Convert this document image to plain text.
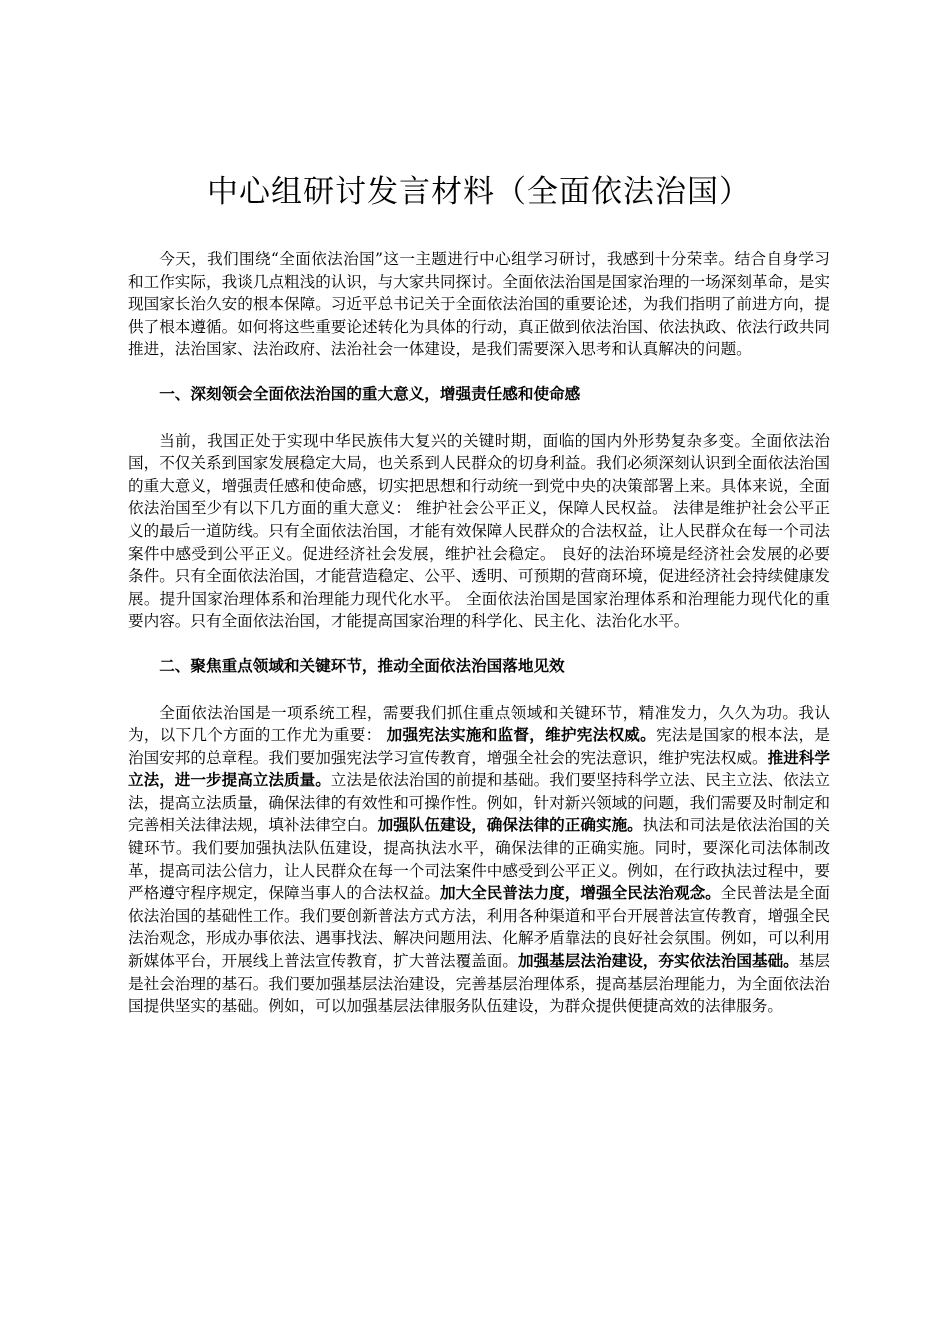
中心组研讨发言材料（全面依法治国）

今天，我们围绕“全面依法治国”这一主题进行中心组学习研讨，我感到十分荣幸。结合自身学习和工作实际，我谈几点粗浅的认识，与大家共同探讨。全面依法治国是国家治理的一场深刻革命，是实现国家长治久安的根本保障。习近平总书记关于全面依法治国的重要论述，为我们指明了前进方向，提供了根本遵循。如何将这些重要论述转化为具体的行动，真正做到依法治国、依法执政、依法行政共同推进，法治国家、法治政府、法治社会一体建设，是我们需要深入思考和认真解决的问题。

一、深刻领会全面依法治国的重大意义，增强责任感和使命感

当前，我国正处于实现中华民族伟大复兴的关键时期，面临的国内外形势复杂多变。全面依法治国，不仅关系到国家发展稳定大局，也关系到人民群众的切身利益。我们必须深刻认识到全面依法治国的重大意义，增强责任感和使命感，切实把思想和行动统一到党中央的决策部署上来。具体来说，全面依法治国至少有以下几方面的重大意义： 维护社会公平正义，保障人民权益。 法律是维护社会公平正义的最后一道防线。只有全面依法治国，才能有效保障人民群众的合法权益，让人民群众在每一个司法案件中感受到公平正义。促进经济社会发展，维护社会稳定。 良好的法治环境是经济社会发展的必要条件。只有全面依法治国，才能营造稳定、公平、透明、可预期的营商环境，促进经济社会持续健康发展。提升国家治理体系和治理能力现代化水平。 全面依法治国是国家治理体系和治理能力现代化的重要内容。只有全面依法治国，才能提高国家治理的科学化、民主化、法治化水平。

二、聚焦重点领域和关键环节，推动全面依法治国落地见效

全面依法治国是一项系统工程，需要我们抓住重点领域和关键环节，精准发力，久久为功。我认为，以下几个方面的工作尤为重要： 加强宪法实施和监督，维护宪法权威。宪法是国家的根本法，是治国安邦的总章程。我们要加强宪法学习宣传教育，增强全社会的宪法意识，维护宪法权威。推进科学立法，进一步提高立法质量。立法是依法治国的前提和基础。我们要坚持科学立法、民主立法、依法立法，提高立法质量，确保法律的有效性和可操作性。例如，针对新兴领域的问题，我们需要及时制定和完善相关法律法规，填补法律空白。加强队伍建设，确保法律的正确实施。执法和司法是依法治国的关键环节。我们要加强执法队伍建设，提高执法水平，确保法律的正确实施。同时，要深化司法体制改革，提高司法公信力，让人民群众在每一个司法案件中感受到公平正义。例如，在行政执法过程中，要严格遵守程序规定，保障当事人的合法权益。加大全民普法力度，增强全民法治观念。全民普法是全面依法治国的基础性工作。我们要创新普法方式方法，利用各种渠道和平台开展普法宣传教育，增强全民法治观念，形成办事依法、遇事找法、解决问题用法、化解矛盾靠法的良好社会氛围。例如，可以利用新媒体平台，开展线上普法宣传教育，扩大普法覆盖面。加强基层法治建设，夯实依法治国基础。基层是社会治理的基石。我们要加强基层法治建设，完善基层治理体系，提高基层治理能力，为全面依法治国提供坚实的基础。例如，可以加强基层法律服务队伍建设，为群众提供便捷高效的法律服务。
